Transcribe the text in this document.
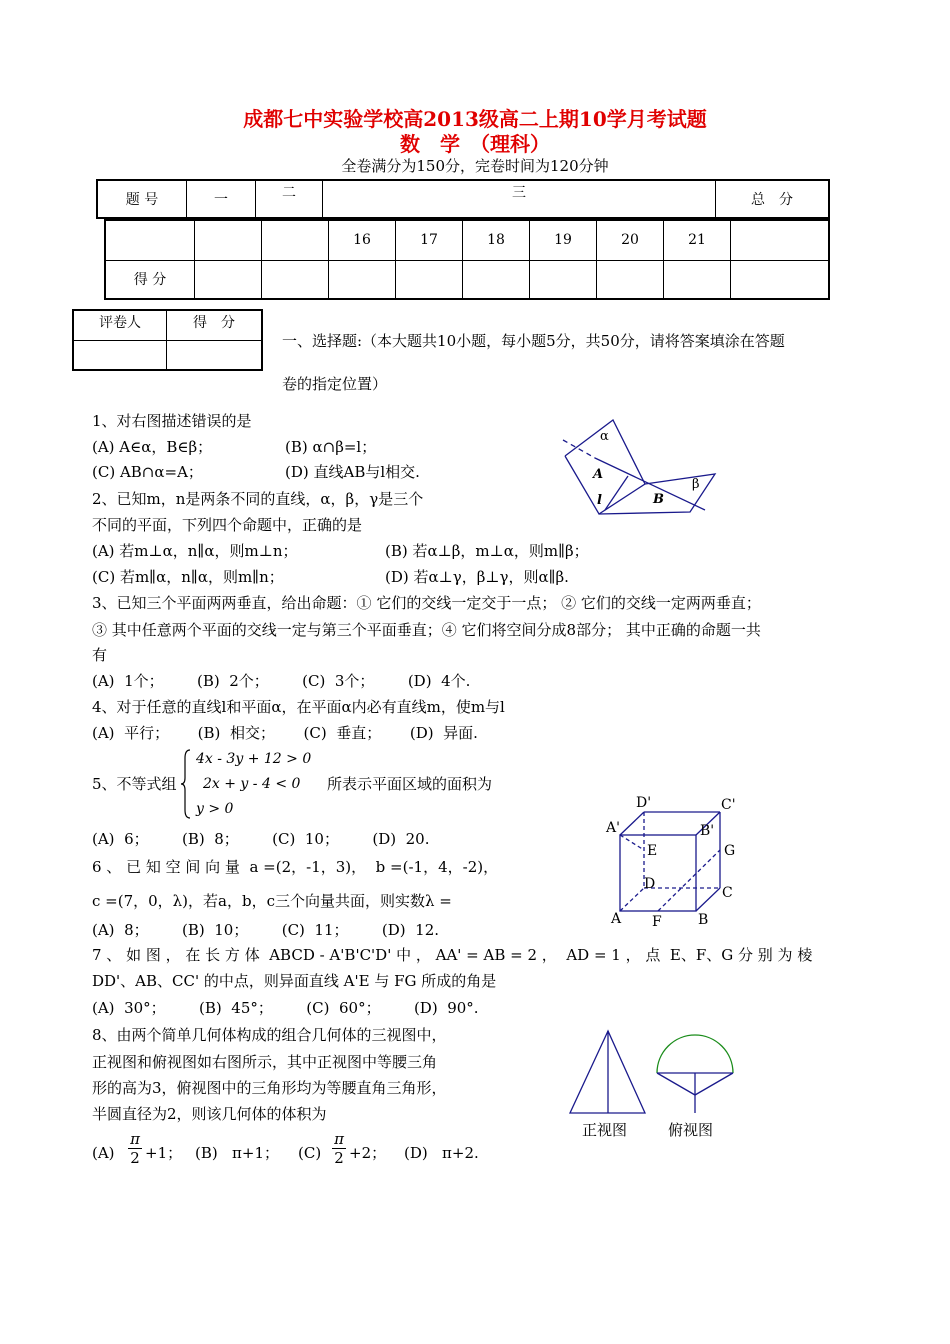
成都七中实验学校高2013级高二上期10学月考试题
数　学　（理科）
全卷满分为150分，完卷时间为120分钟
题 号	一	二	三	总　分
			16	17	18	19	20	21	
得 分									
评卷人	得　分

一、选择题:（本大题共10小题，每小题5分，共50分，请将答案填涂在答题
卷的指定位置）
1、对右图描述错误的是
(A) A∈α，B∈β；	(B) α∩β=l；
(C) AB∩α=A；	(D) 直线AB与l相交.
α
β
A
B
l
2、已知m，n是两条不同的直线，α，β，γ是三个
不同的平面，下列四个命题中，正确的是
(A) 若m⊥α，n∥α，则m⊥n；	(B) 若α⊥β，m⊥α，则m∥β；
(C) 若m∥α，n∥α，则m∥n；	(D) 若α⊥γ，β⊥γ，则α∥β.
3、已知三个平面两两垂直，给出命题：① 它们的交线一定交于一点； ② 它们的交线一定两两垂直；
③ 其中任意两个平面的交线一定与第三个平面垂直；④ 它们将空间分成8部分； 其中正确的命题一共
有
(A)  1个；       (B)  2个；       (C)  3个；       (D)  4个.
4、对于任意的直线l和平面α，在平面α内必有直线m，使m与l
(A)  平行；      (B)  相交；      (C)  垂直；      (D)  异面.
5、不等式组
4x - 3y + 12 > 0
2x + y - 4 < 0
y > 0
所表示平面区域的面积为
(A)  6；       (B)  8；       (C)  10；       (D)  20.
D'	C'
A'	B'
E	G
D
C
A F	B
6 、 已 知 空 间 向 量  a =(2，-1，3)，  b =(-1，4，-2)，
c =(7，0，λ)，若a，b，c三个向量共面，则实数λ =
(A)  8；       (B)  10；       (C)  11；       (D)  12.
7 、 如 图 ， 在 长 方 体  ABCD - A'B'C'D' 中 ， AA' = AB = 2 ，  AD = 1 ， 点  E、F、G 分 别 为 棱
DD'、AB、CC' 的中点，则异面直线 A'E 与 FG 所成的角是
(A)  30°；       (B)  45°；       (C)  60°；       (D)  90°.
8、由两个简单几何体构成的组合几何体的三视图中，
正视图和俯视图如右图所示，其中正视图中等腰三角
形的高为3，俯视图中的三角形均为等腰直角三角形，
半圆直径为2，则该几何体的体积为
$(A) \frac{\pi}{2} +1$； (B)   π+1； $(C) \frac{\pi}{2} +2$； (D)   π+2.
正视图	俯视图
